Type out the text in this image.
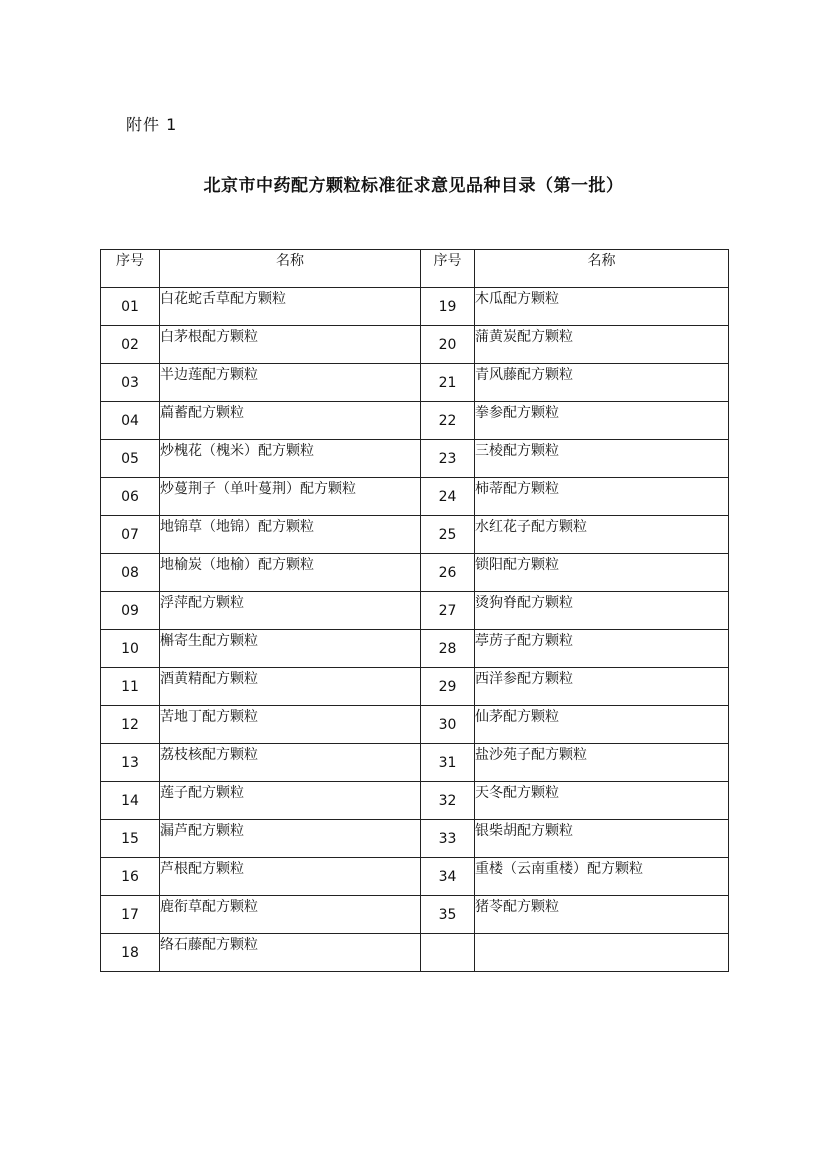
附件 1
北京市中药配方颗粒标准征求意见品种目录（第一批）
序号	名称	序号	名称
01	白花蛇舌草配方颗粒	19	木瓜配方颗粒
02	白茅根配方颗粒	20	蒲黄炭配方颗粒
03	半边莲配方颗粒	21	青风藤配方颗粒
04	萹蓄配方颗粒	22	拳参配方颗粒
05	炒槐花（槐米）配方颗粒	23	三棱配方颗粒
06	炒蔓荆子（单叶蔓荆）配方颗粒	24	柿蒂配方颗粒
07	地锦草（地锦）配方颗粒	25	水红花子配方颗粒
08	地榆炭（地榆）配方颗粒	26	锁阳配方颗粒
09	浮萍配方颗粒	27	烫狗脊配方颗粒
10	槲寄生配方颗粒	28	葶苈子配方颗粒
11	酒黄精配方颗粒	29	西洋参配方颗粒
12	苦地丁配方颗粒	30	仙茅配方颗粒
13	荔枝核配方颗粒	31	盐沙苑子配方颗粒
14	莲子配方颗粒	32	天冬配方颗粒
15	漏芦配方颗粒	33	银柴胡配方颗粒
16	芦根配方颗粒	34	重楼（云南重楼）配方颗粒
17	鹿衔草配方颗粒	35	猪苓配方颗粒
18	络石藤配方颗粒		
